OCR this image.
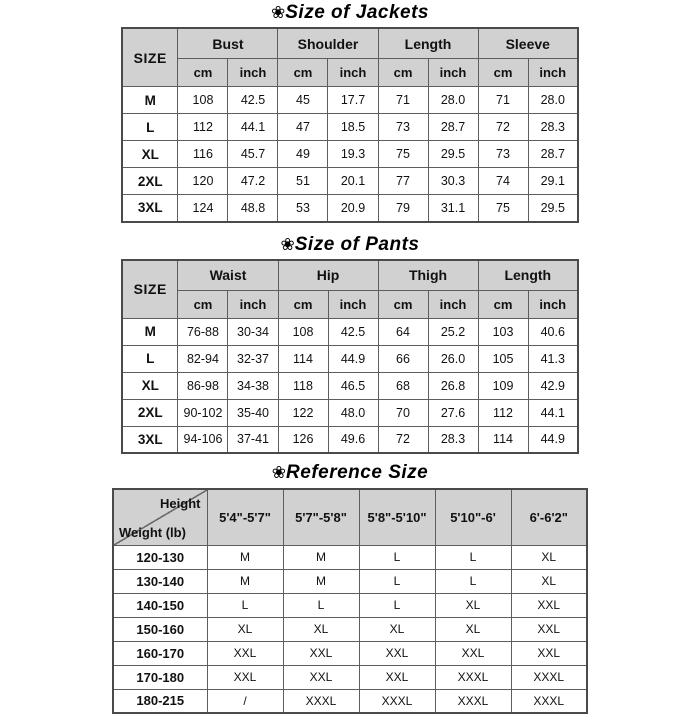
❀Size of Jackets
SIZE	Bust		Shoulder		Length		Sleeve	
	cm	inch	cm	inch	cm	inch	cm	inch
M	108	42.5	45	17.7	71	28.0	71	28.0
L	112	44.1	47	18.5	73	28.7	72	28.3
XL	116	45.7	49	19.3	75	29.5	73	28.7
2XL	120	47.2	51	20.1	77	30.3	74	29.1
3XL	124	48.8	53	20.9	79	31.1	75	29.5
❀Size of Pants
SIZE	Waist		Hip		Thigh		Length	
	cm	inch	cm	inch	cm	inch	cm	inch
M	76-88	30-34	108	42.5	64	25.2	103	40.6
L	82-94	32-37	114	44.9	66	26.0	105	41.3
XL	86-98	34-38	118	46.5	68	26.8	109	42.9
2XL	90-102	35-40	122	48.0	70	27.6	112	44.1
3XL	94-106	37-41	126	49.6	72	28.3	114	44.9
❀Reference Size
Height
Weight (lb)	5'4"-5'7"	5'7"-5'8"	5'8"-5'10"	5'10"-6'	6'-6'2"
120-130	M	M	L	L	XL
130-140	M	M	L	L	XL
140-150	L	L	L	XL	XXL
150-160	XL	XL	XL	XL	XXL
160-170	XXL	XXL	XXL	XXL	XXL
170-180	XXL	XXL	XXL	XXXL	XXXL
180-215	/	XXXL	XXXL	XXXL	XXXL
